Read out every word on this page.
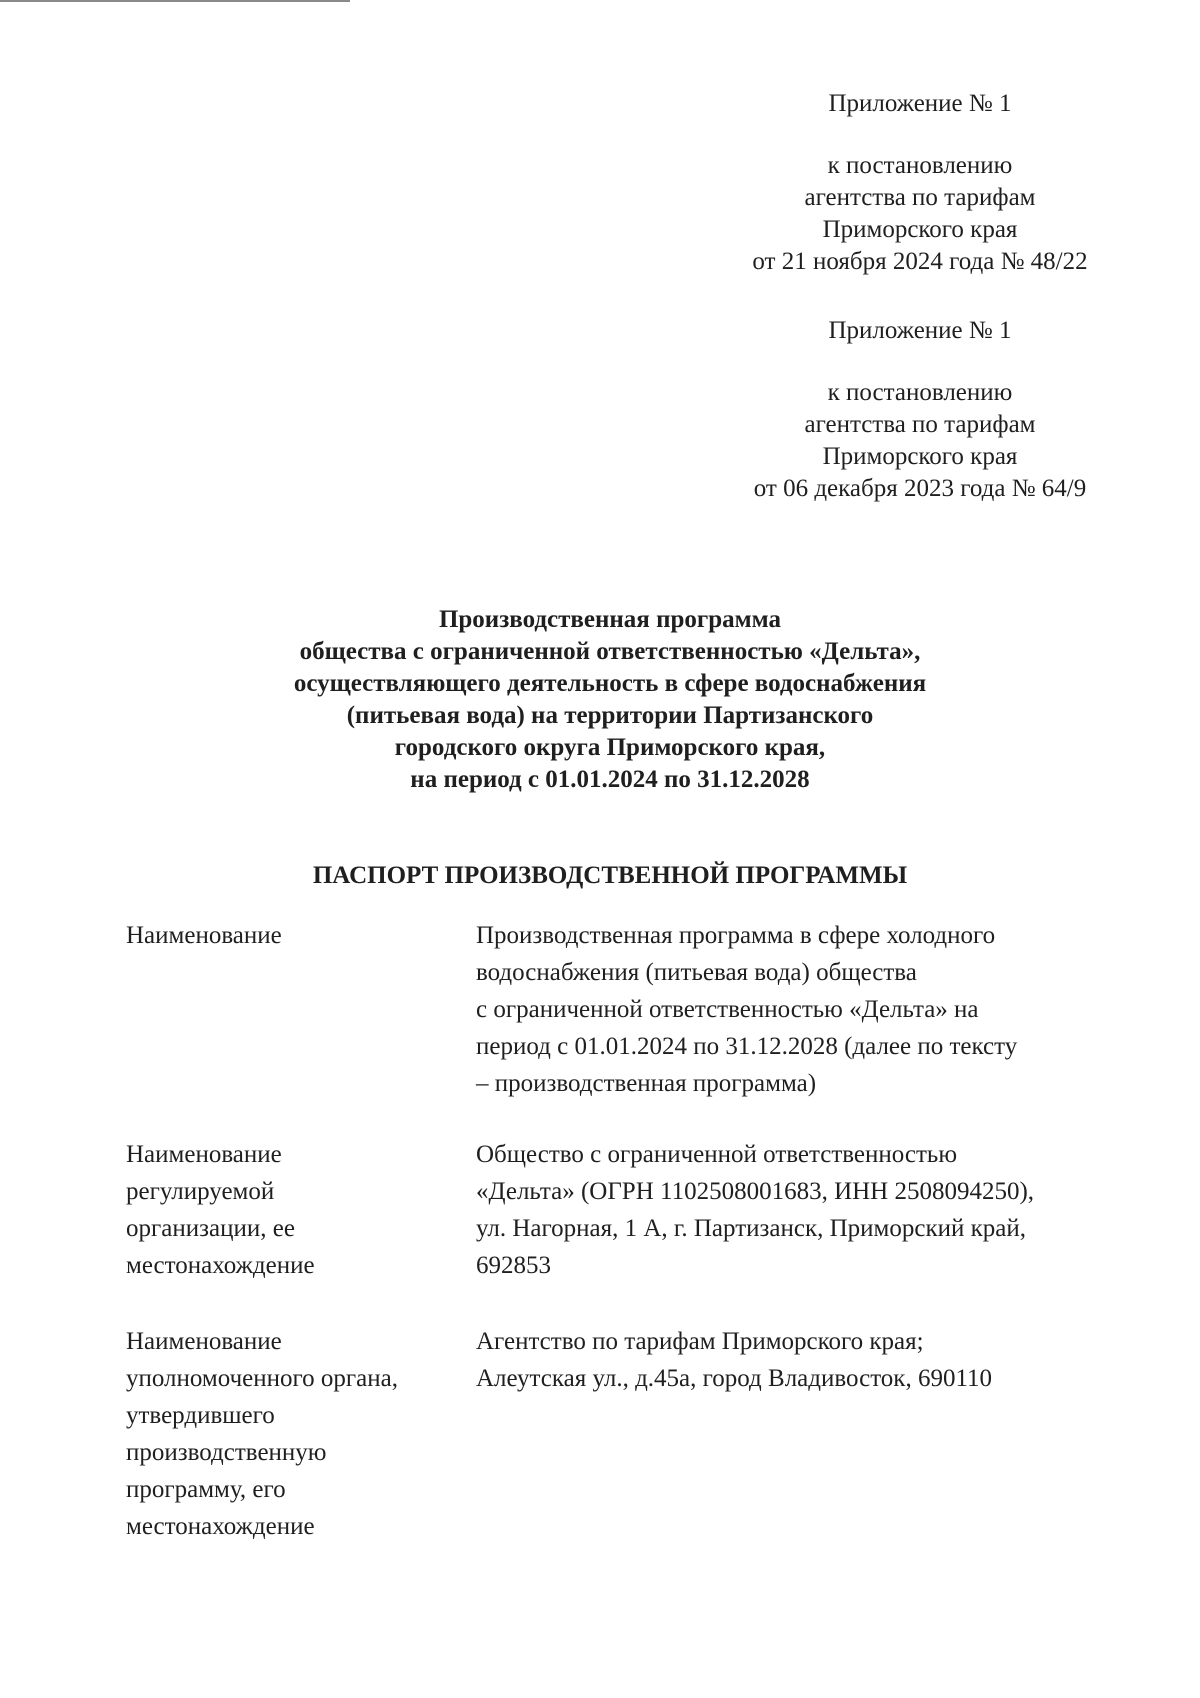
Приложение № 1
к постановлению
агентства по тарифам
Приморского края
от 21 ноября 2024 года № 48/22
Приложение № 1
к постановлению
агентства по тарифам
Приморского края
от 06 декабря 2023 года № 64/9
Производственная программа
общества с ограниченной ответственностью «Дельта»,
осуществляющего деятельность в сфере водоснабжения
(питьевая вода) на территории Партизанского
городского округа Приморского края,
на период с 01.01.2024 по 31.12.2028
ПАСПОРТ ПРОИЗВОДСТВЕННОЙ ПРОГРАММЫ
Наименование	Производственная программа в сфере холодного
водоснабжения (питьевая вода) общества
с ограниченной ответственностью «Дельта» на
период с 01.01.2024 по 31.12.2028 (далее по тексту
– производственная программа)
Наименование
регулируемой
организации, ее
местонахождение
Общество с ограниченной ответственностью
«Дельта» (ОГРН 1102508001683, ИНН 2508094250),
ул. Нагорная, 1 А, г. Партизанск, Приморский край,
692853
Наименование
уполномоченного органа,
утвердившего
производственную
программу, его
местонахождение
Агентство по тарифам Приморского края;
Алеутская ул., д.45а, город Владивосток, 690110
